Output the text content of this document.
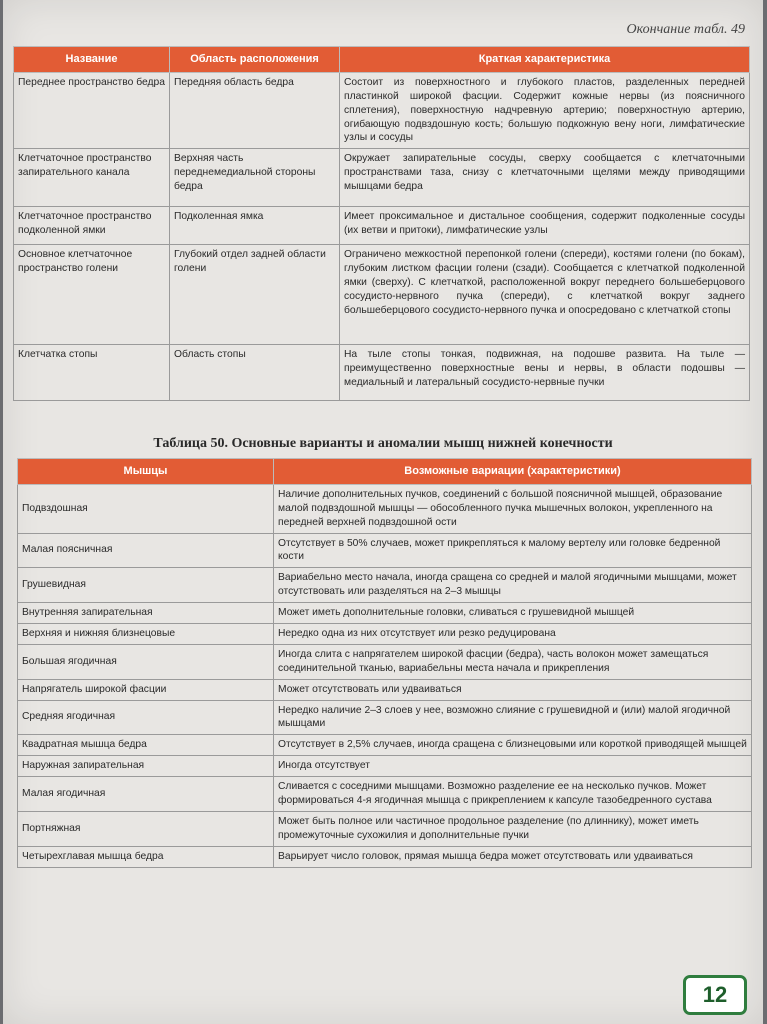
Окончание табл. 49
Название	Область расположения	Краткая характеристика
Переднее пространство бедра	Передняя область бедра	Состоит из поверхностного и глубокого пластов, разделенных передней пластинкой широкой фасции. Содержит кожные нервы (из поясничного сплетения), поверхностную надчревную артерию; поверхностную артерию, огибающую подвздошную кость; большую подкожную вену ноги, лимфатические узлы и сосуды
Клетчаточное пространство запирательного канала	Верхняя часть переднемедиальной стороны бедра	Окружает запирательные сосуды, сверху сообщается с клетчаточными пространствами таза, снизу с клетчаточными щелями между приводящими мышцами бедра
Клетчаточное пространство подколенной ямки	Подколенная ямка	Имеет проксимальное и дистальное сообщения, содержит подколенные сосуды (их ветви и притоки), лимфатические узлы
Основное клетчаточное пространство голени	Глубокий отдел задней области голени	Ограничено межкостной перепонкой голени (спереди), костями голени (по бокам), глубоким листком фасции голени (сзади). Сообщается с клетчаткой подколенной ямки (сверху). С клетчаткой, расположенной вокруг переднего большеберцового сосудисто-нервного пучка (спереди), с клетчаткой вокруг заднего большеберцового сосудисто-нервного пучка и опосредовано с клетчаткой стопы
Клетчатка стопы	Область стопы	На тыле стопы тонкая, подвижная, на подошве развита. На тыле — преимущественно поверхностные вены и нервы, в области подошвы — медиальный и латеральный сосудисто-нервные пучки
Таблица 50. Основные варианты и аномалии мышц нижней конечности
Мышцы	Возможные вариации (характеристики)
Подвздошная	Наличие дополнительных пучков, соединений с большой поясничной мышцей, образование малой подвздошной мышцы — обособленного пучка мышечных волокон, укрепленного на передней верхней подвздошной ости
Малая поясничная	Отсутствует в 50% случаев, может прикрепляться к малому вертелу или головке бедренной кости
Грушевидная	Вариабельно место начала, иногда сращена со средней и малой ягодичными мышцами, может отсутствовать или разделяться на 2–3 мышцы
Внутренняя запирательная	Может иметь дополнительные головки, сливаться с грушевидной мышцей
Верхняя и нижняя близнецовые	Нередко одна из них отсутствует или резко редуцирована
Большая ягодичная	Иногда слита с напрягателем широкой фасции (бедра), часть волокон может замещаться соединительной тканью, вариабельны места начала и прикрепления
Напрягатель широкой фасции	Может отсутствовать или удваиваться
Средняя ягодичная	Нередко наличие 2–3 слоев у нее, возможно слияние с грушевидной и (или) малой ягодичной мышцами
Квадратная мышца бедра	Отсутствует в 2,5% случаев, иногда сращена с близнецовыми или короткой приводящей мышцей
Наружная запирательная	Иногда отсутствует
Малая ягодичная	Сливается с соседними мышцами. Возможно разделение ее на несколько пучков. Может формироваться 4-я ягодичная мышца с прикреплением к капсуле тазобедренного сустава
Портняжная	Может быть полное или частичное продольное разделение (по длиннику), может иметь промежуточные сухожилия и дополнительные пучки
Четырехглавая мышца бедра	Варьирует число головок, прямая мышца бедра может отсутствовать или удваиваться
12
